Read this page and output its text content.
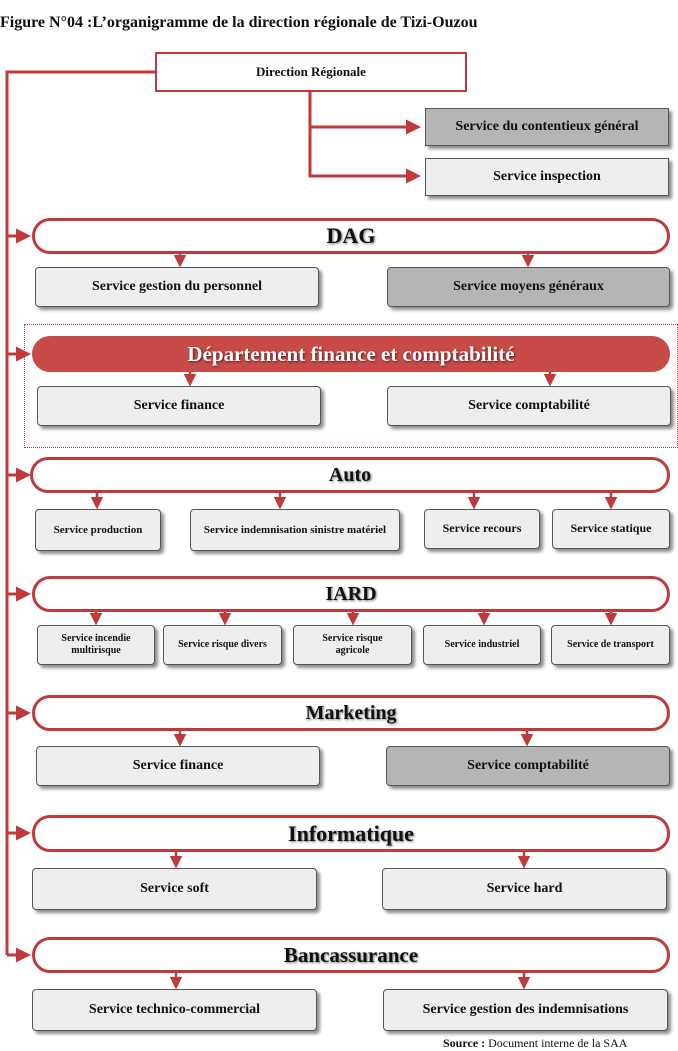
Figure N°04 :L’organigramme de la direction régionale de Tizi-Ouzou
Direction Régionale
Service du contentieux général
Service inspection
DAG
Service gestion du personnel	Service moyens généraux
Département finance et comptabilité
Service finance	Service comptabilité
Auto
Service production	Service indemnisation sinistre matériel	Service recours	Service statique
IARD
Service incendie multirisque
Service risque divers
Service risque agricole
Service industriel	Service de transport
Marketing
Service finance	Service comptabilité
Informatique
Service soft	Service hard
Bancassurance
Service technico-commercial	Service gestion des indemnisations
Source : Document interne de la SAA
